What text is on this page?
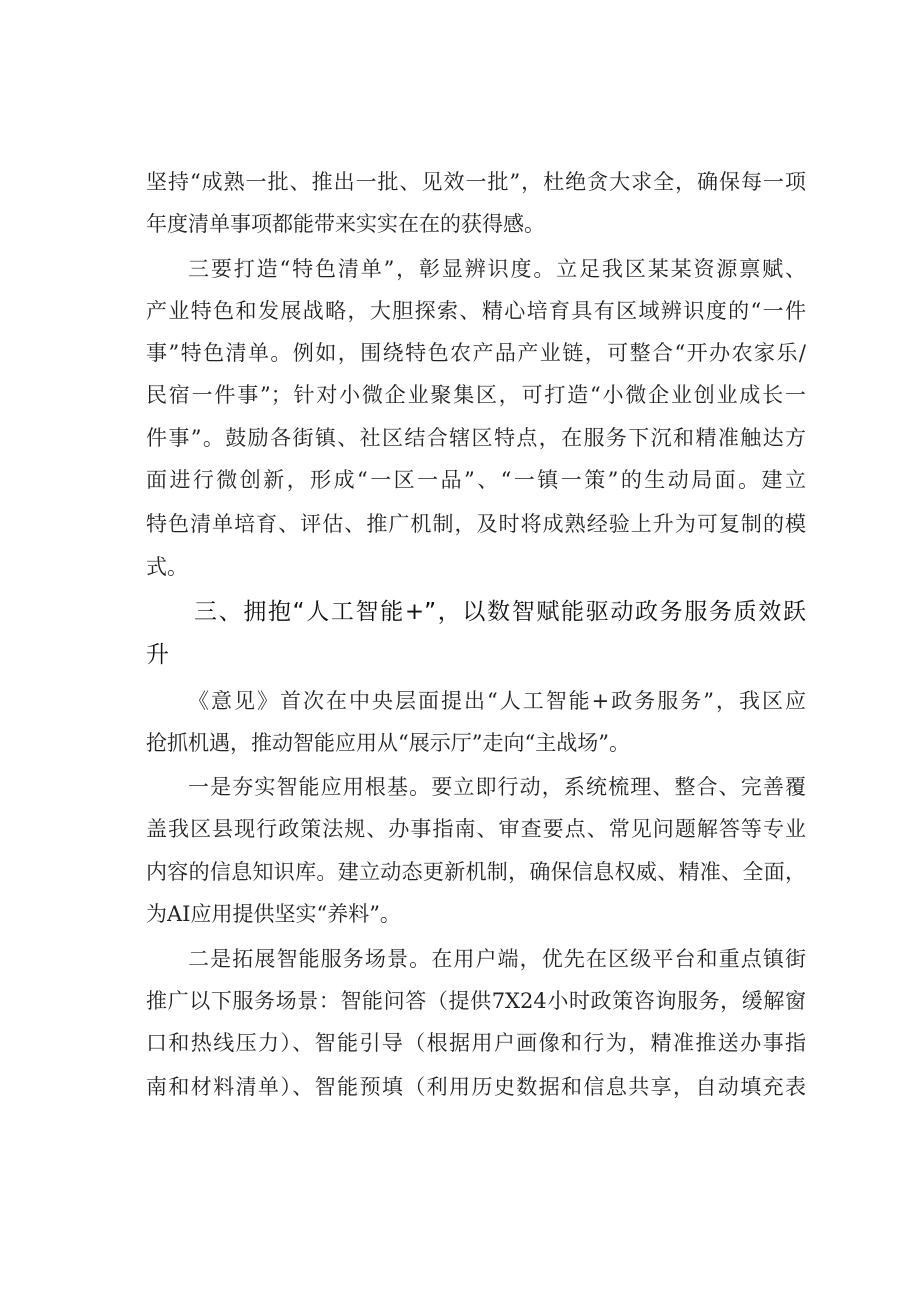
坚持“成熟一批、推出一批、见效一批”，杜绝贪大求全，确保每一项
年度清单事项都能带来实实在在的获得感。
三要打造“特色清单”，彰显辨识度。立足我区某某资源禀赋、
产业特色和发展战略，大胆探索、精心培育具有区域辨识度的“一件
事”特色清单。例如，围绕特色农产品产业链，可整合“开办农家乐/
民宿一件事”；针对小微企业聚集区，可打造“小微企业创业成长一
件事”。鼓励各街镇、社区结合辖区特点，在服务下沉和精准触达方
面进行微创新，形成“一区一品”、“一镇一策”的生动局面。建立
特色清单培育、评估、推广机制，及时将成熟经验上升为可复制的模
式。
三、拥抱“人工智能+”，以数智赋能驱动政务服务质效跃
升
《意见》首次在中央层面提出“人工智能+政务服务”，我区应
抢抓机遇，推动智能应用从“展示厅”走向“主战场”。
一是夯实智能应用根基。要立即行动，系统梳理、整合、完善覆
盖我区县现行政策法规、办事指南、审查要点、常见问题解答等专业
内容的信息知识库。建立动态更新机制，确保信息权威、精准、全面，
为AI应用提供坚实“养料”。
二是拓展智能服务场景。在用户端，优先在区级平台和重点镇街
推广以下服务场景：智能问答（提供7X24小时政策咨询服务，缓解窗
口和热线压力）、智能引导（根据用户画像和行为，精准推送办事指
南和材料清单）、智能预填（利用历史数据和信息共享，自动填充表
